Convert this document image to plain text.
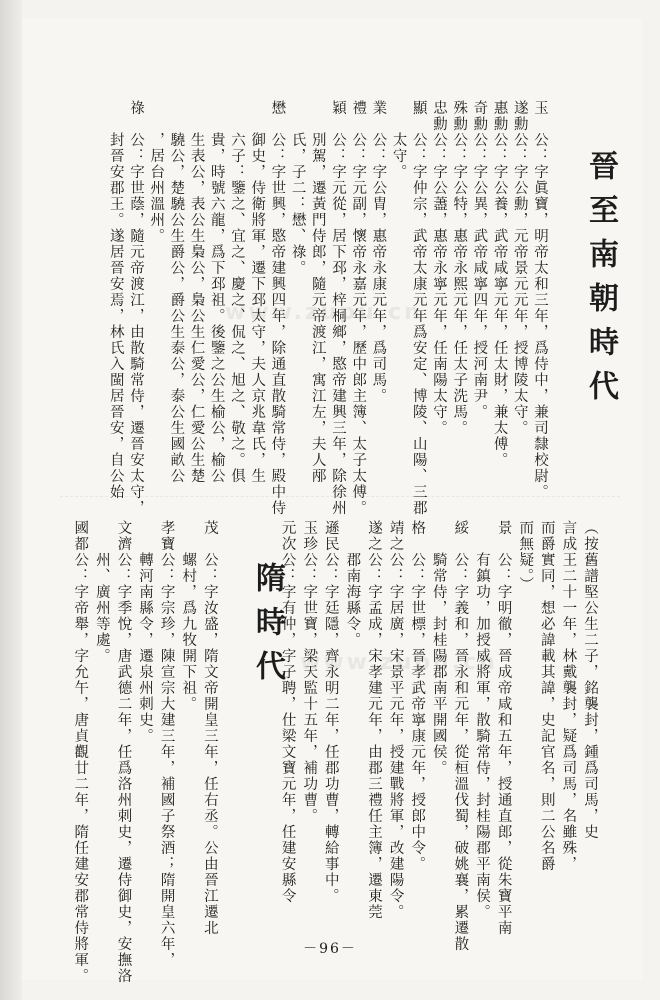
晉至南朝時代
玉　公：字眞寶，明帝太和三年，爲侍中，兼司隸校尉。
遂勳公：字公勳，元帝景元元年，授博陵太守。
惠勳公：字公養，武帝咸寧元年，任太財，兼太傅。
奇勳公：字公異，武帝咸寧四年，授河南尹。
殊勳公：字公特，惠帝永熙元年，任太子洗馬。
忠勳公：字公藎，惠帝永寧元年，任南陽太守。
顯　公：字仲宗，武帝太康元年爲安定、博陵、山陽、三郡
　　太守。
業　公：字公胄，惠帝永康元年，爲司馬。
禮　公：字元副，懷帝永嘉元年，歷中郎主簿、太子太傅。
穎　公：字元從，居下邳，梓桐鄉，愍帝建興三年，除徐州
　　別駕，遷黃門侍郎，隨元帝渡江，寓江左，夫人邴
　　氏，子二：懋、祿。
懋　公：字世興，愍帝建興四年，除通直散騎常侍，殿中侍
　　御史，侍衛將軍，遷下邳太守，夫人京兆韋氏，生
　　六子：鑒之、宜之、慶之、侃之、旭之、敬之。俱
　　貴，時號六龍，爲下邳祖。後鑒之公生榆公，榆公
　　生表公，表公生梟公，梟公生仁愛公，仁愛公生楚
　　驍公，楚驍公生爵公，爵公生泰公，泰公生國畝公
　　，居台州溫州。
祿　公：字世蔭，隨元帝渡江，由散騎常侍，遷晉安太守，
　　封晉安郡王。遂居晉安焉，林氏入閩居晉安，自公始
隋時代	（按舊譜堅公生二子，銘襲封，鍾爲司馬，史
言成王二十一年，林戴襲封，疑爲司馬，名雖殊，
而爵實同，想必諱載其諱，史記官名，則二公名爵
而無疑。）
景　公：字明徹，晉成帝咸和五年，授通直郎，從朱寶平南
　　有鎮功，加授威將軍，散騎常侍，封桂陽郡平南侯。
綏　公：字義和，晉永和元年，從桓溫伐蜀，破姚襄，累遷散
　　騎常侍，封桂陽郡南平開國侯。
格　公：字世標，晉孝武帝寧康元年，授郎中令。
靖之公：字居廣，宋景平元年，授建戰將軍，改建陽令。
遂之公：字孟成，宋孝建元年，由郡三禮任主簿，遷東莞
　　郡南海縣令。
遜民公：字廷隱，齊永明二年，任郡功曹，轉給事中。
玉珍公：字世寶，梁天監十五年，補功曹。
元次公：字有仲，字子聘，仕梁文寶元年，任建安縣令
茂　公：字汝盛，隋文帝開皇三年，任右丞。公由晉江遷北
　　螺村，爲九牧開下祖。
孝寶公：字宗珍，陳宣宗大建三年，補國子祭酒；隋開皇六年，
　　轉河南縣令，遷泉州刺史。
文濟公：字季悅，唐武德二年，任爲洛州刺史，遷侍御史，安撫洛
　　州、廣州等處。
國都公：字帝舉，字允午，唐貞觀廿二年，隋任建安郡常侍將軍。
www.zupu.cn
www.zupu.cn
－96－
